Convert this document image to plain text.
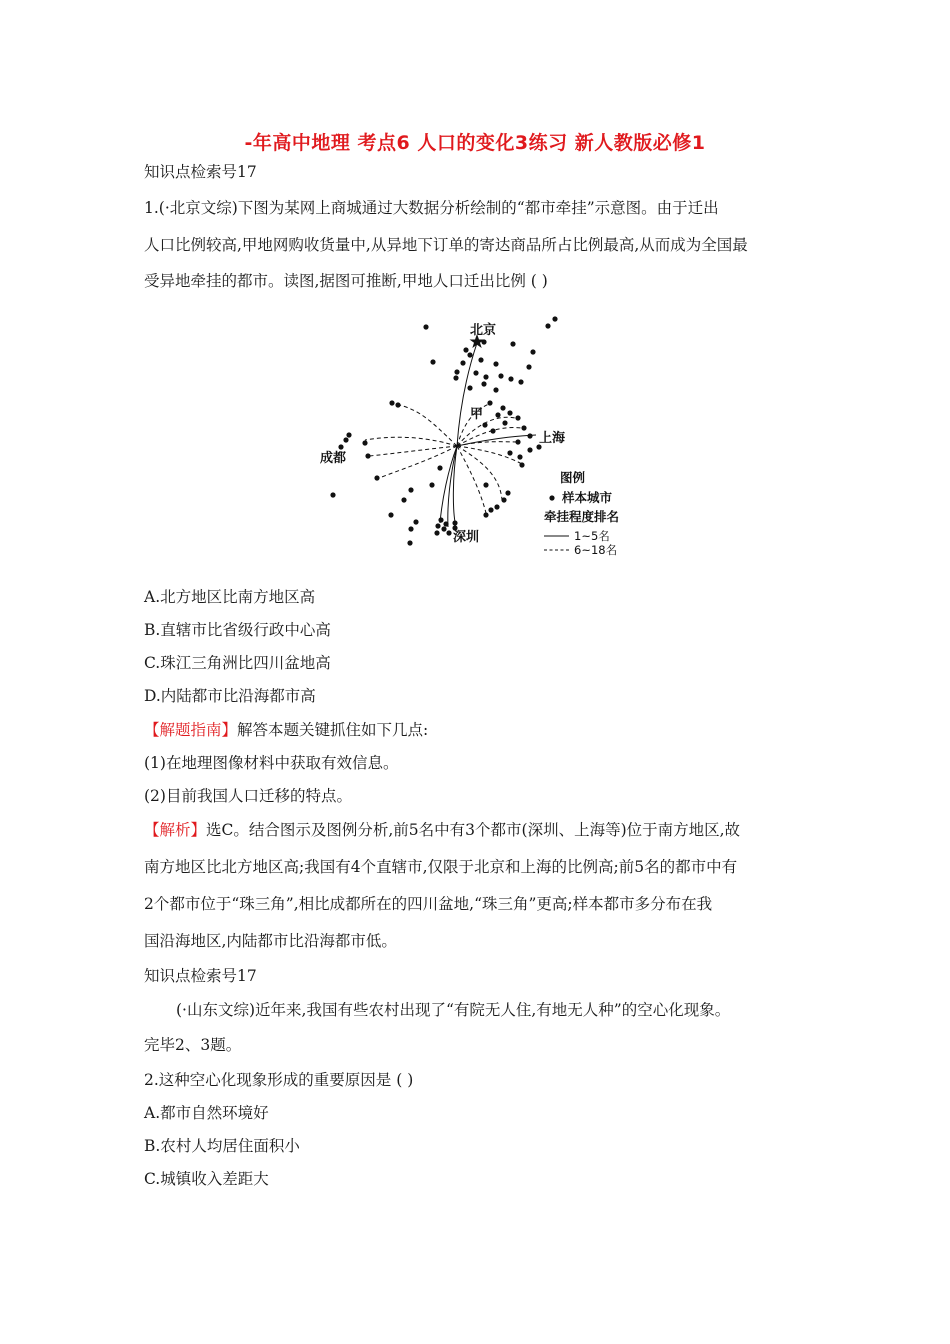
-年高中地理 考点6 人口的变化3练习 新人教版必修1
知识点检索号17
1.(·北京文综)下图为某网上商城通过大数据分析绘制的“都市牵挂”示意图。由于迁出
人口比例较高,甲地网购收货量中,从异地下订单的寄达商品所占比例最高,从而成为全国最
受异地牵挂的都市。读图,据图可推断,甲地人口迁出比例 ( )
北京
甲
上海
成都
深圳
图例
样本城市
牵挂程度排名
1~5名
6~18名
A.北方地区比南方地区高
B.直辖市比省级行政中心高
C.珠江三角洲比四川盆地高
D.内陆都市比沿海都市高
【解题指南】解答本题关键抓住如下几点:
(1)在地理图像材料中获取有效信息。
(2)目前我国人口迁移的特点。
【解析】选C。结合图示及图例分析,前5名中有3个都市(深圳、上海等)位于南方地区,故
南方地区比北方地区高;我国有4个直辖市,仅限于北京和上海的比例高;前5名的都市中有
2个都市位于“珠三角”,相比成都所在的四川盆地,“珠三角”更高;样本都市多分布在我
国沿海地区,内陆都市比沿海都市低。
知识点检索号17
(·山东文综)近年来,我国有些农村出现了“有院无人住,有地无人种”的空心化现象。
完毕2、3题。
2.这种空心化现象形成的重要原因是 ( )
A.都市自然环境好
B.农村人均居住面积小
C.城镇收入差距大
